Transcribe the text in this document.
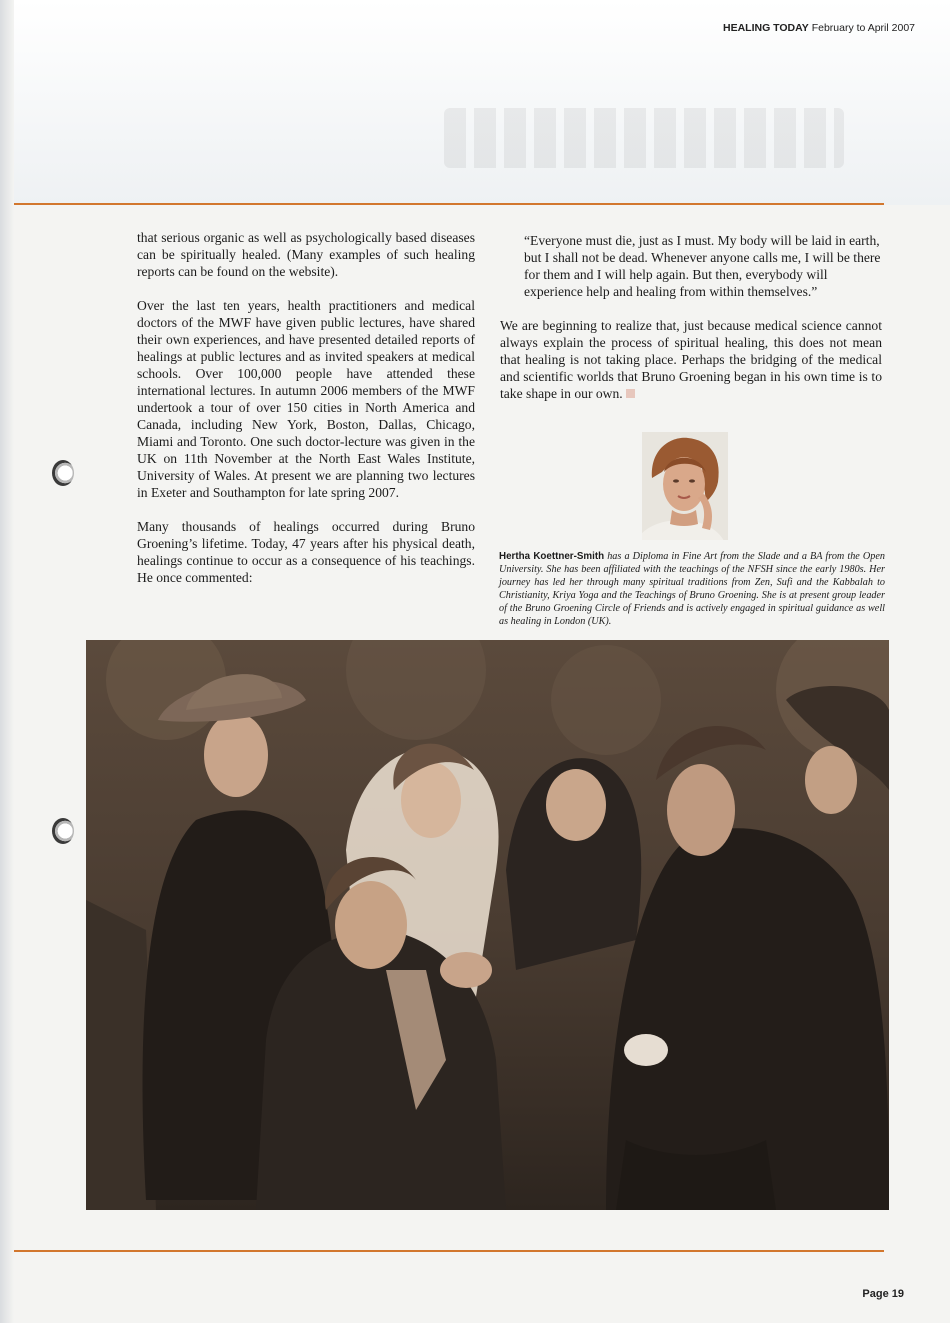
HEALING TODAY February to April 2007

that serious organic as well as psychologically based diseases can be spiritually healed. (Many examples of such healing reports can be found on the website).

Over the last ten years, health practitioners and medical doctors of the MWF have given public lectures, have shared their own experiences, and have presented detailed reports of healings at public lectures and as invited speakers at medical schools. Over 100,000 people have attended these international lectures. In autumn 2006 members of the MWF undertook a tour of over 150 cities in North America and Canada, including New York, Boston, Dallas, Chicago, Miami and Toronto. One such doctor-lecture was given in the UK on 11th November at the North East Wales Institute, University of Wales. At present we are planning two lectures in Exeter and Southampton for late spring 2007.

Many thousands of healings occurred during Bruno Groening’s lifetime. Today, 47 years after his physical death, healings continue to occur as a consequence of his teachings. He once commented:

“Everyone must die, just as I must. My body will be laid in earth, but I shall not be dead. Whenever anyone calls me, I will be there for them and I will help again. But then, everybody will experience help and healing from within themselves.”

We are beginning to realize that, just because medical science cannot always explain the process of spiritual healing, this does not mean that healing is not taking place. Perhaps the bridging of the medical and scientific worlds that Bruno Groening began in his own time is to take shape in our own.

Hertha Koettner-Smith has a Diploma in Fine Art from the Slade and a BA from the Open University. She has been affiliated with the teachings of the NFSH since the early 1980s. Her journey has led her through many spiritual traditions from Zen, Sufi and the Kabbalah to Christianity, Kriya Yoga and the Teachings of Bruno Groening. She is at present group leader of the Bruno Groening Circle of Friends and is actively engaged in spiritual guidance as well as healing in London (UK).
Page 19
